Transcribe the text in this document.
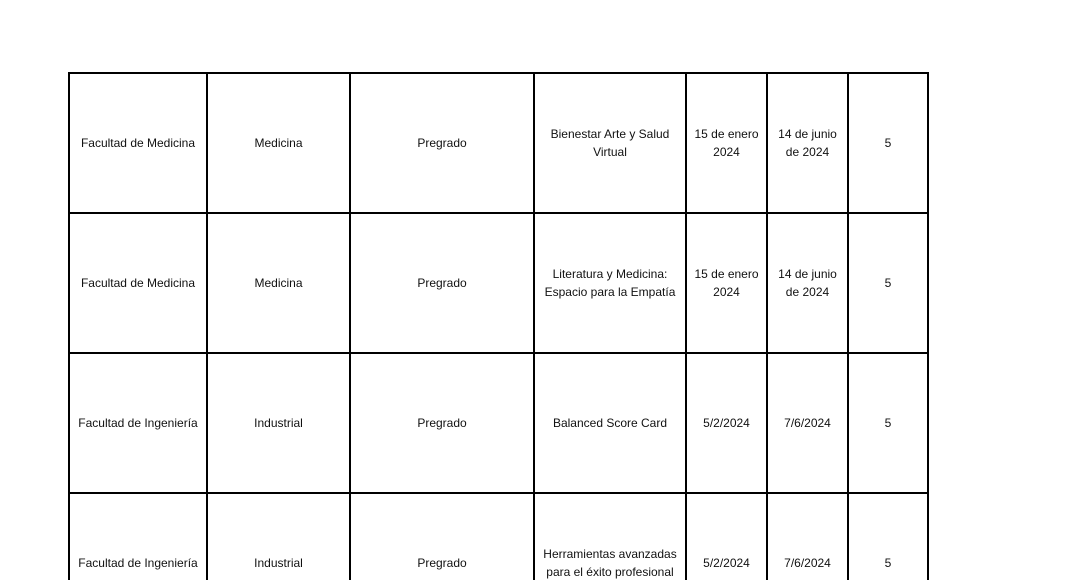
Facultad de Medicina	Medicina	Pregrado	Bienestar Arte y Salud Virtual	15 de enero 2024	14 de junio de 2024	5
Facultad de Medicina	Medicina	Pregrado	Literatura y Medicina: Espacio para la Empatía	15 de enero 2024	14 de junio de 2024	5
Facultad de Ingeniería	Industrial	Pregrado	Balanced Score Card	5/2/2024	7/6/2024	5
Facultad de Ingeniería	Industrial	Pregrado	Herramientas avanzadas para el éxito profesional	5/2/2024	7/6/2024	5
